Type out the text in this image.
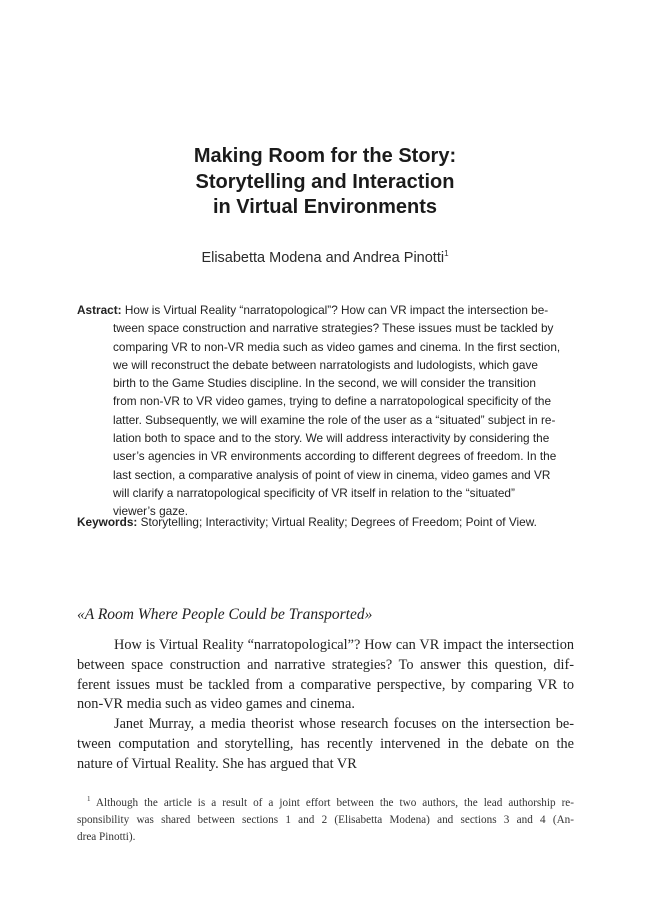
Making Room for the Story:
Storytelling and Interaction
in Virtual Environments
Elisabetta Modena and Andrea Pinotti$^1$
Astract: How is Virtual Reality “narratopological”? How can VR impact the intersection be-
tween space construction and narrative strategies? These issues must be tackled by
comparing VR to non-VR media such as video games and cinema. In the first section,
we will reconstruct the debate between narratologists and ludologists, which gave
birth to the Game Studies discipline. In the second, we will consider the transition
from non-VR to VR video games, trying to define a narratopological specificity of the
latter. Subsequently, we will examine the role of the user as a “situated” subject in re-
lation both to space and to the story. We will address interactivity by considering the
user’s agencies in VR environments according to different degrees of freedom. In the
last section, a comparative analysis of point of view in cinema, video games and VR
will clarify a narratopological specificity of VR itself in relation to the “situated”
viewer’s gaze.
Keywords: Storytelling; Interactivity; Virtual Reality; Degrees of Freedom; Point of View.
«A Room Where People Could be Transported»
How is Virtual Reality “narratopological”? How can VR impact the intersection
between space construction and narrative strategies? To answer this question, dif-
ferent issues must be tackled from a comparative perspective, by comparing VR to
non-VR media such as video games and cinema.
Janet Murray, a media theorist whose research focuses on the intersection be-
tween computation and storytelling, has recently intervened in the debate on the
nature of Virtual Reality. She has argued that VR
$^1$ Although the article is a result of a joint effort between the two authors, the lead authorship re-
sponsibility was shared between sections 1 and 2 (Elisabetta Modena) and sections 3 and 4 (An-
drea Pinotti).
